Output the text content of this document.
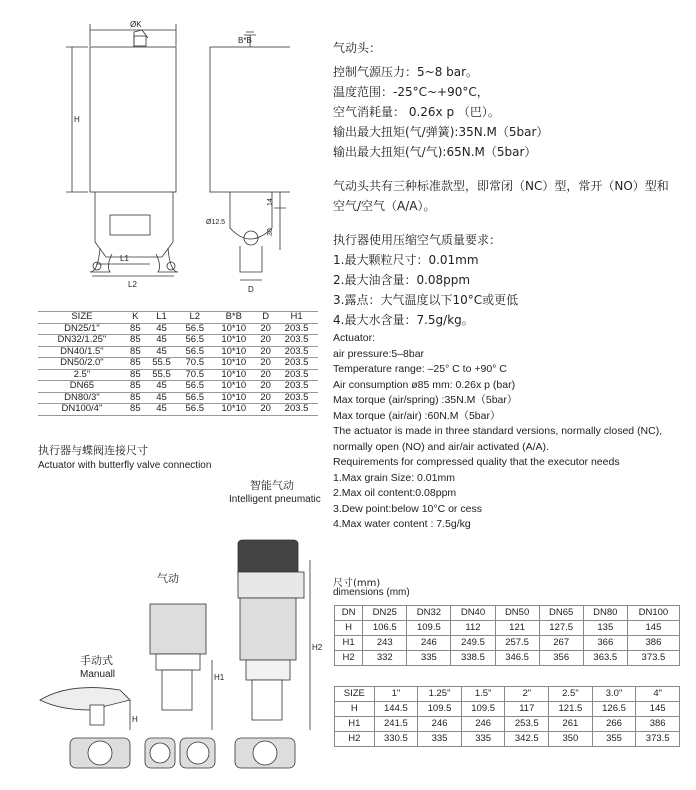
ØK
H
L1
L2
B*B
Ø12.5
D
14
30
SIZE	K	L1	L2	B*B	D	H1
DN25/1"	85	45	56.5	10*10	20	203.5
DN32/1.25"	85	45	56.5	10*10	20	203.5
DN40/1.5"	85	45	56.5	10*10	20	203.5
DN50/2.0"	85	55.5	70.5	10*10	20	203.5
2.5"	85	55.5	70.5	10*10	20	203.5
DN65	85	45	56.5	10*10	20	203.5
DN80/3"	85	45	56.5	10*10	20	203.5
DN100/4"	85	45	56.5	10*10	20	203.5
气动头：
控制气源压力：5~8 bar。
温度范围：-25°C~+90°C，
空气消耗量： 0.26x p （巴）。
输出最大扭矩(气/弹簧):35N.M（5bar）
输出最大扭矩(气/气):65N.M（5bar）
气动头共有三种标准款型，即常闭（NC）型，常开（NO）型和空气/空气（A/A）。
执行器使用压缩空气质量要求：
1.最大颗粒尺寸：0.01mm
2.最大油含量：0.08ppm
3.露点：大气温度以下10°C或更低
4.最大水含量：7.5g/kg。
Actuator:
air pressure:5–8bar
Temperature range: –25° C to +90° C
Air consumption ø85 mm: 0.26x p (bar)
Max torque (air/spring) :35N.M（5bar）
Max torque (air/air) :60N.M（5bar）
The actuator is made in three standard versions, normally closed (NC), normally open (NO) and air/air activated (A/A).
Requirements for compressed quality that the executor needs
1.Max grain Size: 0.01mm
2.Max oil content:0.08ppm
3.Dew point:below 10°C or cess
4.Max water content : 7.5g/kg
执行器与蝶阀连接尺寸
Actuator with butterfly valve connection
智能气动
Intelligent pneumatic
气动
手动式
Manuall	H1
H2
H
尺寸(mm)
dimensions (mm)
DN	DN25	DN32	DN40	DN50	DN65	DN80	DN100
H	106.5	109.5	112	121	127.5	135	145
H1	243	246	249.5	257.5	267	366	386
H2	332	335	338.5	346.5	356	363.5	373.5
SIZE	1"	1.25"	1.5"	2"	2.5"	3.0"	4"
H	144.5	109.5	109.5	117	121.5	126.5	145
H1	241.5	246	246	253.5	261	266	386
H2	330.5	335	335	342.5	350	355	373.5
